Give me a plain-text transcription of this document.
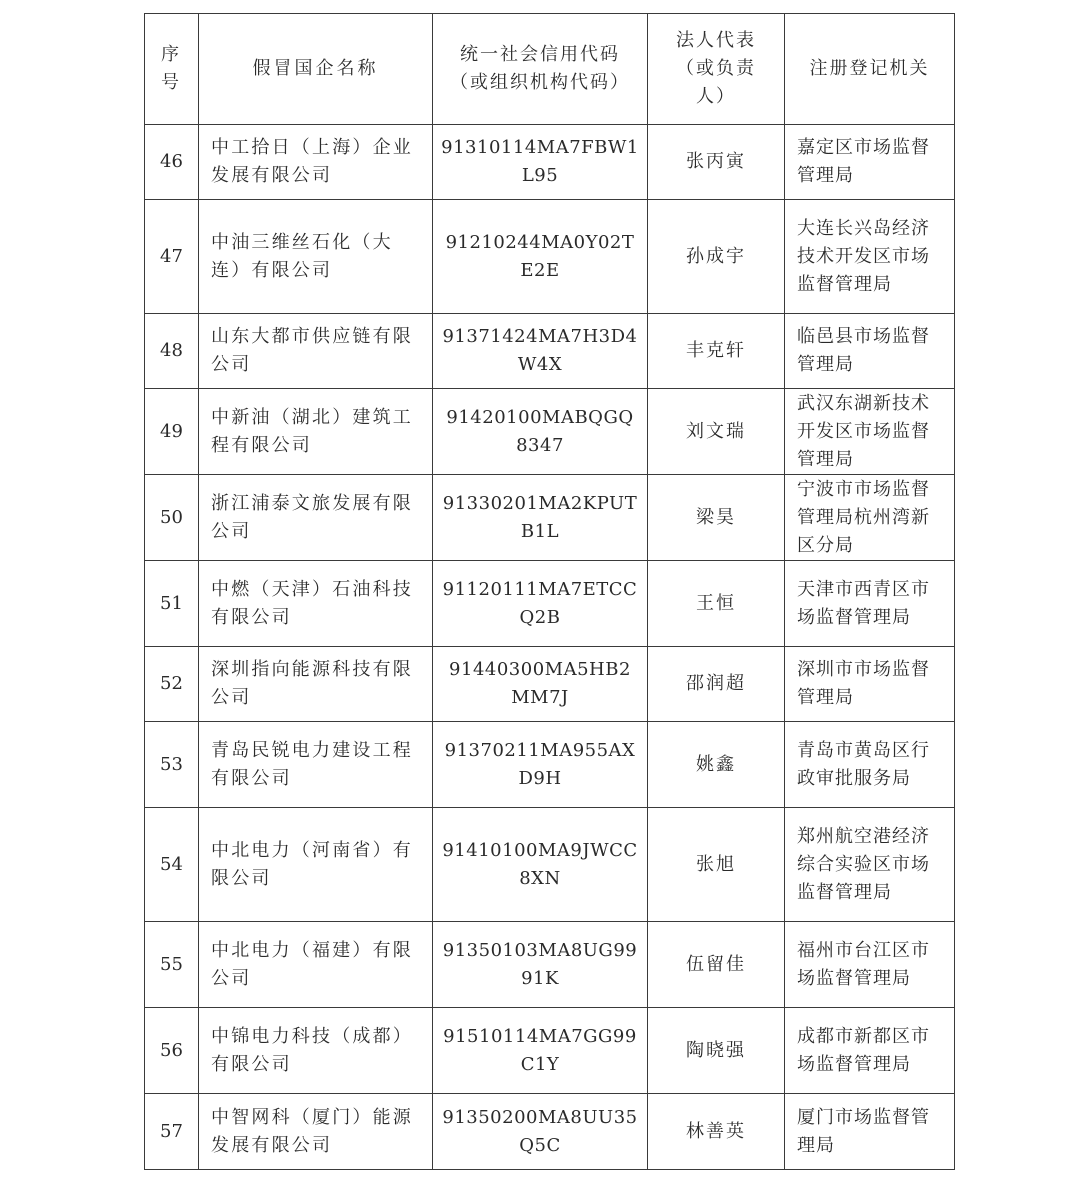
序号	假冒国企名称	统一社会信用代码（或组织机构代码）	法人代表（或负责人）	注册登记机关
46	中工拾日（上海）企业发展有限公司	91310114MA7FBW1L95	张丙寅	嘉定区市场监督管理局
47	中油三维丝石化（大连）有限公司	91210244MA0Y02TE2E	孙成宇	大连长兴岛经济技术开发区市场监督管理局
48	山东大都市供应链有限公司	91371424MA7H3D4W4X	丰克轩	临邑县市场监督管理局
49	中新油（湖北）建筑工程有限公司	91420100MABQGQ8347	刘文瑞	武汉东湖新技术开发区市场监督管理局
50	浙江浦泰文旅发展有限公司	91330201MA2KPUTB1L	梁昊	宁波市市场监督管理局杭州湾新区分局
51	中燃（天津）石油科技有限公司	91120111MA7ETCCQ2B	王恒	天津市西青区市场监督管理局
52	深圳指向能源科技有限公司	91440300MA5HB2MM7J	邵润超	深圳市市场监督管理局
53	青岛民锐电力建设工程有限公司	91370211MA955AXD9H	姚鑫	青岛市黄岛区行政审批服务局
54	中北电力（河南省）有限公司	91410100MA9JWCC8XN	张旭	郑州航空港经济综合实验区市场监督管理局
55	中北电力（福建）有限公司	91350103MA8UG9991K	伍留佳	福州市台江区市场监督管理局
56	中锦电力科技（成都）有限公司	91510114MA7GG99C1Y	陶晓强	成都市新都区市场监督管理局
57	中智网科（厦门）能源发展有限公司	91350200MA8UU35Q5C	林善英	厦门市场监督管理局
